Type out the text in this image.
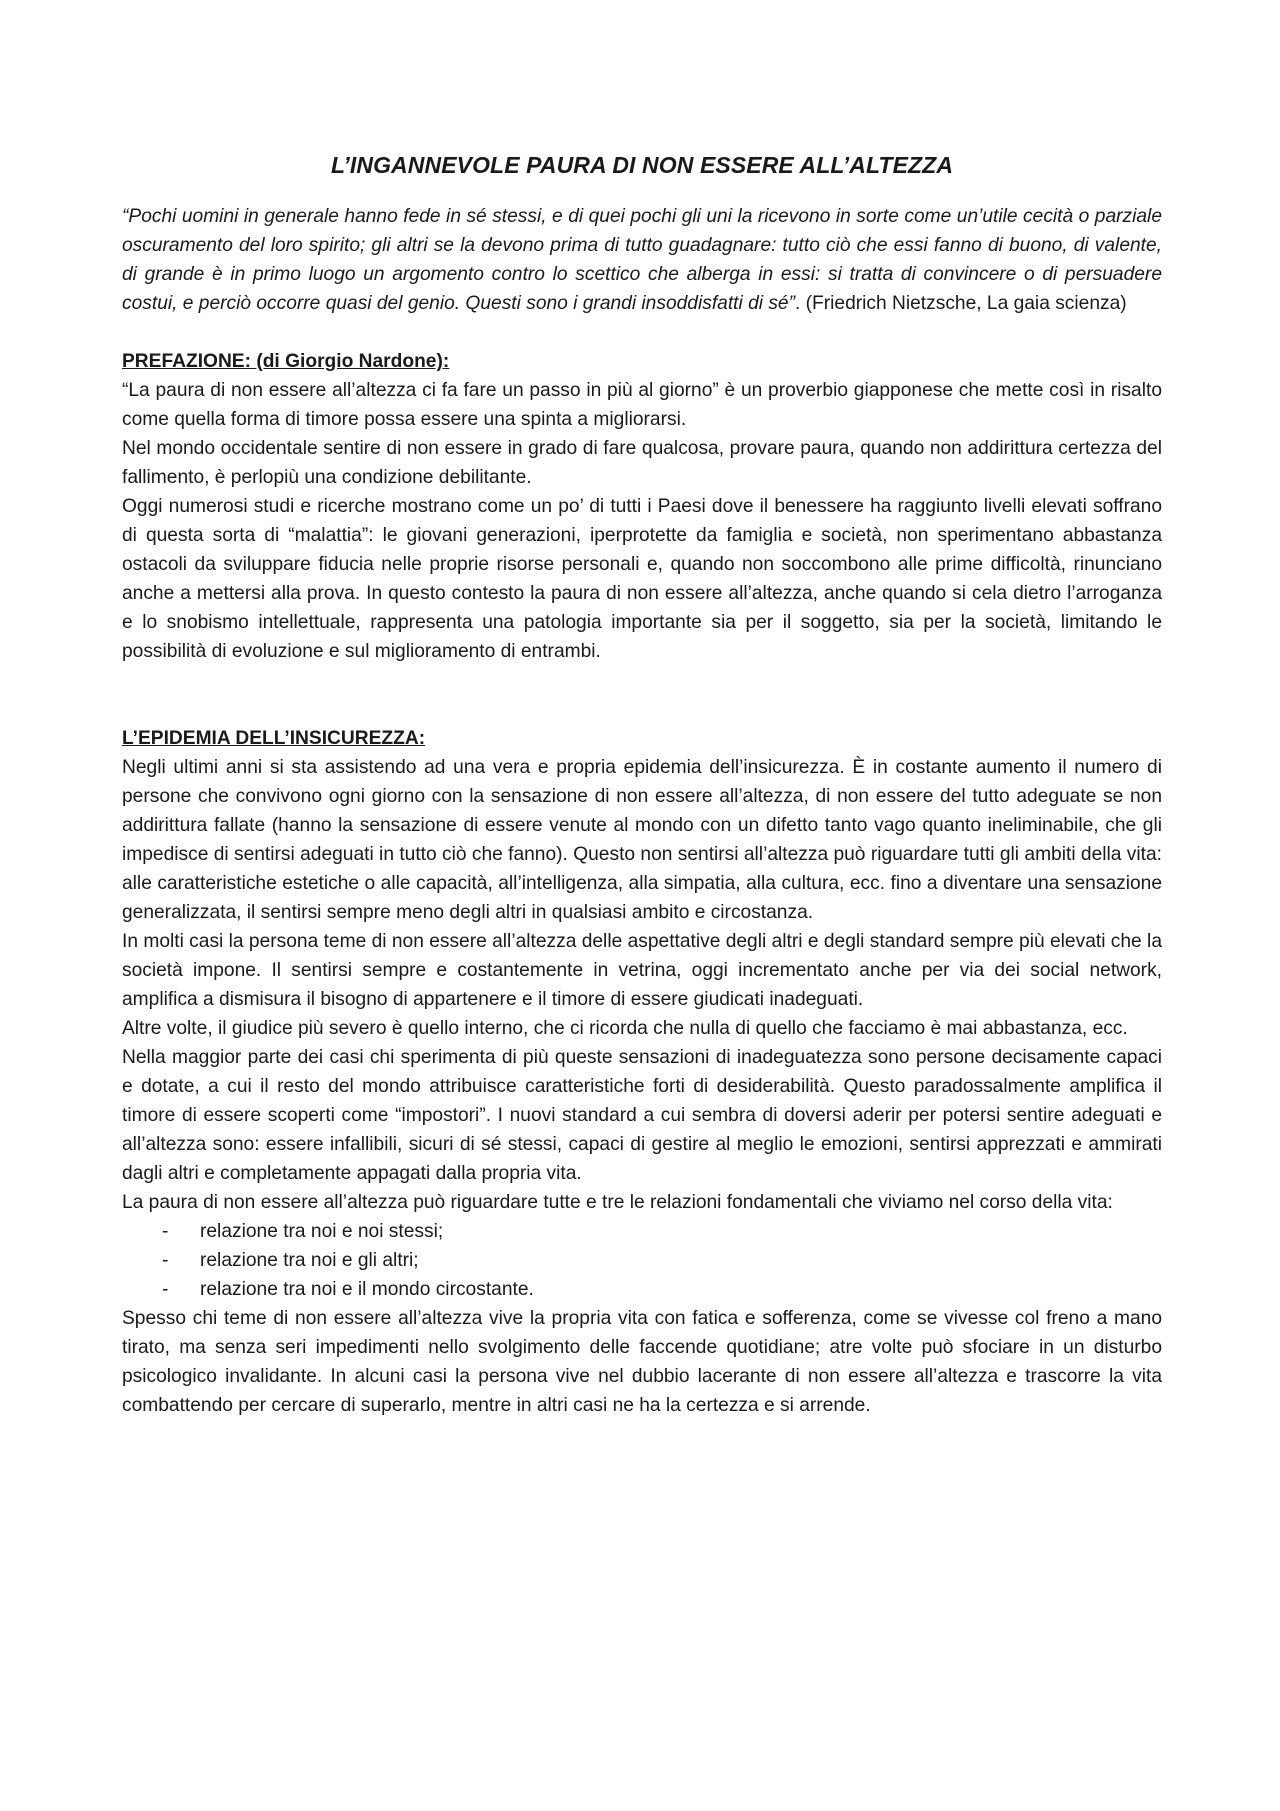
L’INGANNEVOLE PAURA DI NON ESSERE ALL’ALTEZZA

“Pochi uomini in generale hanno fede in sé stessi, e di quei pochi gli uni la ricevono in sorte come un’utile cecità o parziale oscuramento del loro spirito; gli altri se la devono prima di tutto guadagnare: tutto ciò che essi fanno di buono, di valente, di grande è in primo luogo un argomento contro lo scettico che alberga in essi: si tratta di convincere o di persuadere costui, e perciò occorre quasi del genio. Questi sono i grandi insoddisfatti di sé”. (Friedrich Nietzsche, La gaia scienza)

PREFAZIONE: (di Giorgio Nardone):

“La paura di non essere all’altezza ci fa fare un passo in più al giorno” è un proverbio giapponese che mette così in risalto come quella forma di timore possa essere una spinta a migliorarsi.

Nel mondo occidentale sentire di non essere in grado di fare qualcosa, provare paura, quando non addirittura certezza del fallimento, è perlopiù una condizione debilitante.

Oggi numerosi studi e ricerche mostrano come un po’ di tutti i Paesi dove il benessere ha raggiunto livelli elevati soffrano di questa sorta di “malattia”: le giovani generazioni, iperprotette da famiglia e società, non sperimentano abbastanza ostacoli da sviluppare fiducia nelle proprie risorse personali e, quando non soccombono alle prime difficoltà, rinunciano anche a mettersi alla prova. In questo contesto la paura di non essere all’altezza, anche quando si cela dietro l’arroganza e lo snobismo intellettuale, rappresenta una patologia importante sia per il soggetto, sia per la società, limitando le possibilità di evoluzione e sul miglioramento di entrambi.

L’EPIDEMIA DELL’INSICUREZZA:

Negli ultimi anni si sta assistendo ad una vera e propria epidemia dell’insicurezza. È in costante aumento il numero di persone che convivono ogni giorno con la sensazione di non essere all’altezza, di non essere del tutto adeguate se non addirittura fallate (hanno la sensazione di essere venute al mondo con un difetto tanto vago quanto ineliminabile, che gli impedisce di sentirsi adeguati in tutto ciò che fanno). Questo non sentirsi all’altezza può riguardare tutti gli ambiti della vita: alle caratteristiche estetiche o alle capacità, all’intelligenza, alla simpatia, alla cultura, ecc. fino a diventare una sensazione generalizzata, il sentirsi sempre meno degli altri in qualsiasi ambito e circostanza.

In molti casi la persona teme di non essere all’altezza delle aspettative degli altri e degli standard sempre più elevati che la società impone. Il sentirsi sempre e costantemente in vetrina, oggi incrementato anche per via dei social network, amplifica a dismisura il bisogno di appartenere e il timore di essere giudicati inadeguati.

Altre volte, il giudice più severo è quello interno, che ci ricorda che nulla di quello che facciamo è mai abbastanza, ecc.

Nella maggior parte dei casi chi sperimenta di più queste sensazioni di inadeguatezza sono persone decisamente capaci e dotate, a cui il resto del mondo attribuisce caratteristiche forti di desiderabilità. Questo paradossalmente amplifica il timore di essere scoperti come “impostori”. I nuovi standard a cui sembra di doversi aderir per potersi sentire adeguati e all’altezza sono: essere infallibili, sicuri di sé stessi, capaci di gestire al meglio le emozioni, sentirsi apprezzati e ammirati dagli altri e completamente appagati dalla propria vita.

La paura di non essere all’altezza può riguardare tutte e tre le relazioni fondamentali che viviamo nel corso della vita:

- relazione tra noi e noi stessi;
- relazione tra noi e gli altri;
- relazione tra noi e il mondo circostante.

Spesso chi teme di non essere all’altezza vive la propria vita con fatica e sofferenza, come se vivesse col freno a mano tirato, ma senza seri impedimenti nello svolgimento delle faccende quotidiane; atre volte può sfociare in un disturbo psicologico invalidante. In alcuni casi la persona vive nel dubbio lacerante di non essere all’altezza e trascorre la vita combattendo per cercare di superarlo, mentre in altri casi ne ha la certezza e si arrende.
